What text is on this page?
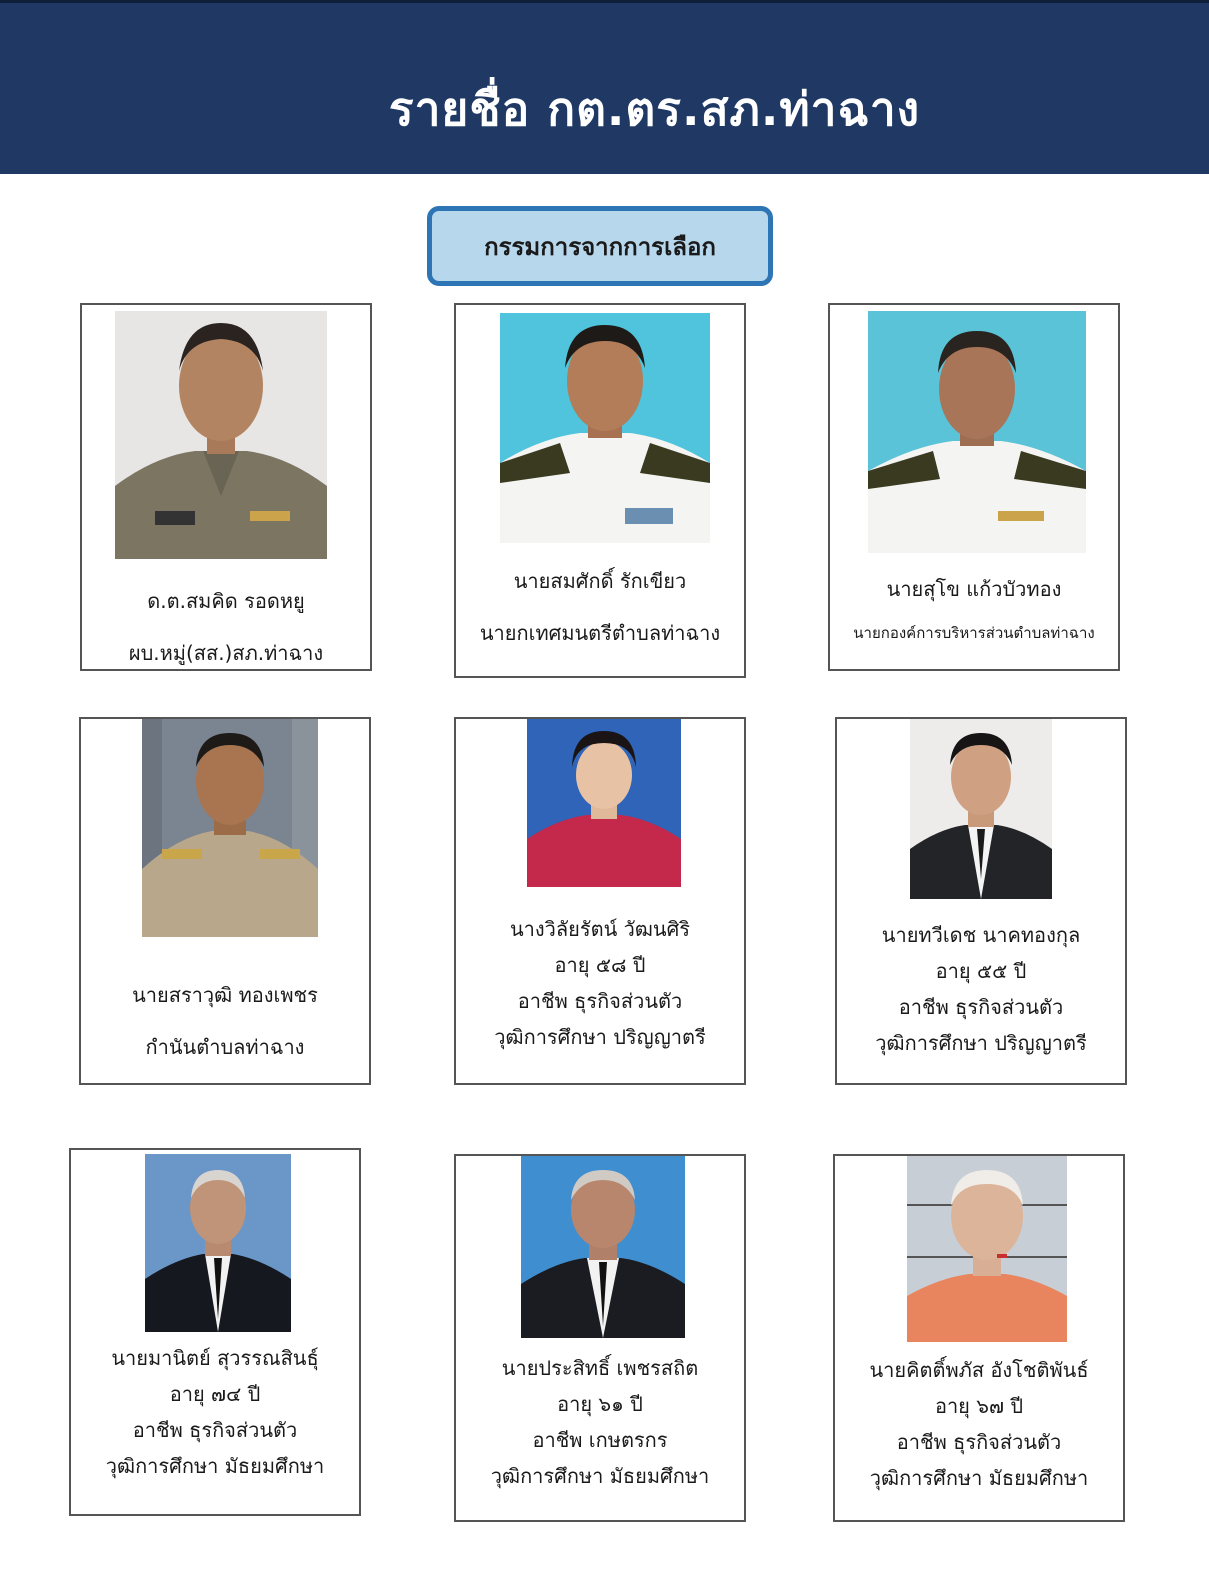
รายชื่อ กต.ตร.สภ.ท่าฉาง
กรรมการจากการเลือก
ด.ต.สมคิด รอดหยู
ผบ.หมู่(สส.)สภ.ท่าฉาง
นายสมศักดิ์ รักเขียว
นายกเทศมนตรีตำบลท่าฉาง
นายสุโข แก้วบัวทอง
นายกองค์การบริหารส่วนตำบลท่าฉาง
นายสราวุฒิ ทองเพชร
กำนันตำบลท่าฉาง
นางวิลัยรัตน์ วัฒนศิริ
อายุ ๕๘ ปี
อาชีพ ธุรกิจส่วนตัว
วุฒิการศึกษา ปริญญาตรี
นายทวีเดช นาคทองกุล
อายุ ๕๕ ปี
อาชีพ ธุรกิจส่วนตัว
วุฒิการศึกษา ปริญญาตรี
นายมานิตย์ สุวรรณสินธุ์
อายุ ๗๔ ปี
อาชีพ ธุรกิจส่วนตัว
วุฒิการศึกษา มัธยมศึกษา
นายประสิทธิ์ เพชรสถิต
อายุ ๖๑ ปี
อาชีพ เกษตรกร
วุฒิการศึกษา มัธยมศึกษา
นายคิตติ์พภัส อังโชติพันธ์
อายุ ๖๗ ปี
อาชีพ ธุรกิจส่วนตัว
วุฒิการศึกษา มัธยมศึกษา
